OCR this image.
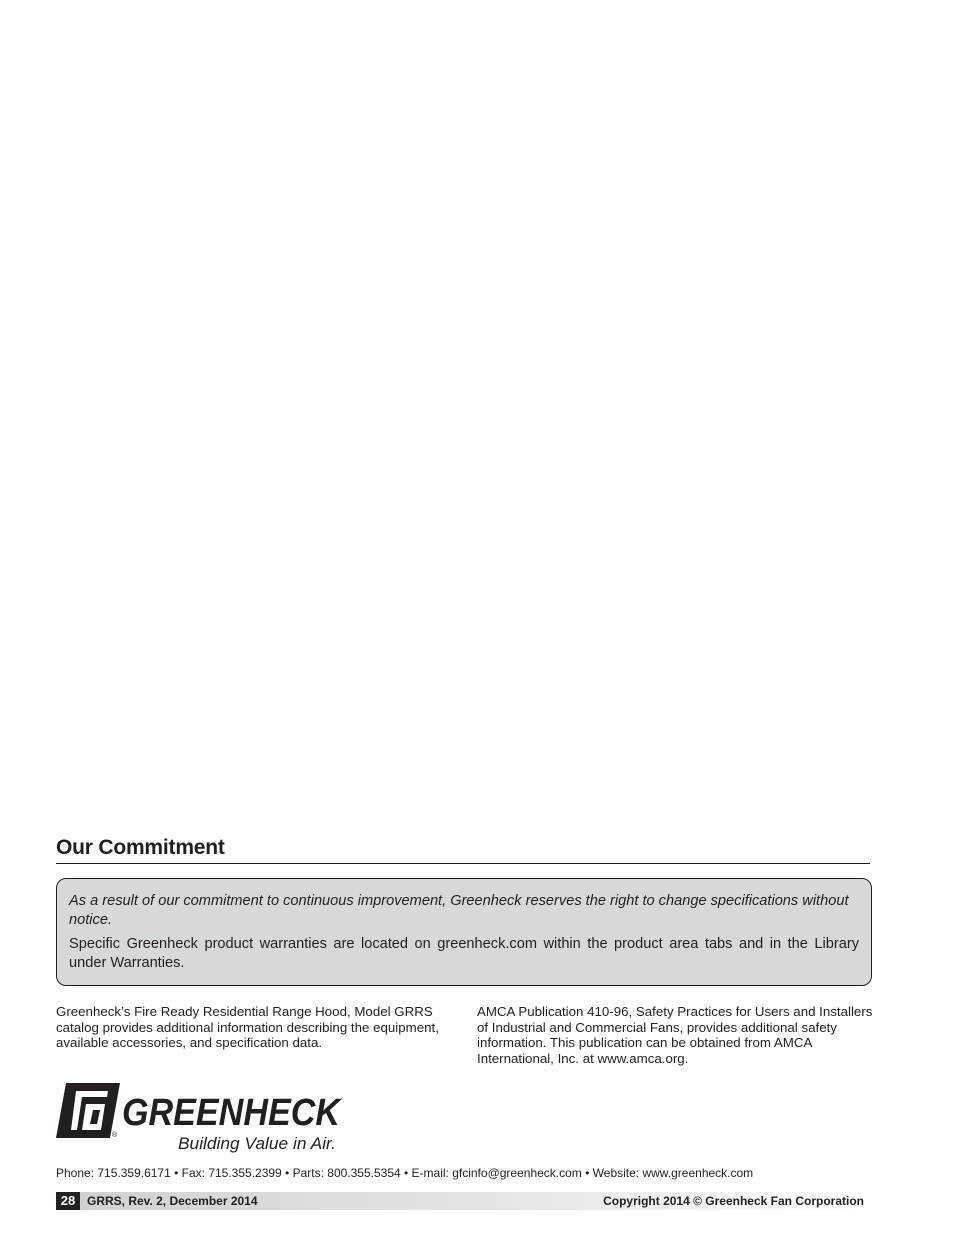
Our Commitment

As a result of our commitment to continuous improvement, Greenheck reserves the right to change specifications without notice.

Specific Greenheck product warranties are located on greenheck.com within the product area tabs and in the Library under Warranties.

Greenheck’s Fire Ready Residential Range Hood, Model GRRS catalog provides additional information describing the equipment, available accessories, and specification data.

AMCA Publication 410-96, Safety Practices for Users and Installers of Industrial and Commercial Fans, provides additional safety information. This publication can be obtained from AMCA International, Inc. at www.amca.org.

®
GREENHECK
Building Value in Air.

Phone: 715.359.6171 • Fax: 715.355.2399 • Parts: 800.355.5354 • E-mail: gfcinfo@greenheck.com • Website: www.greenheck.com

28 GRRS, Rev. 2, December 2014	Copyright 2014 © Greenheck Fan Corporation
